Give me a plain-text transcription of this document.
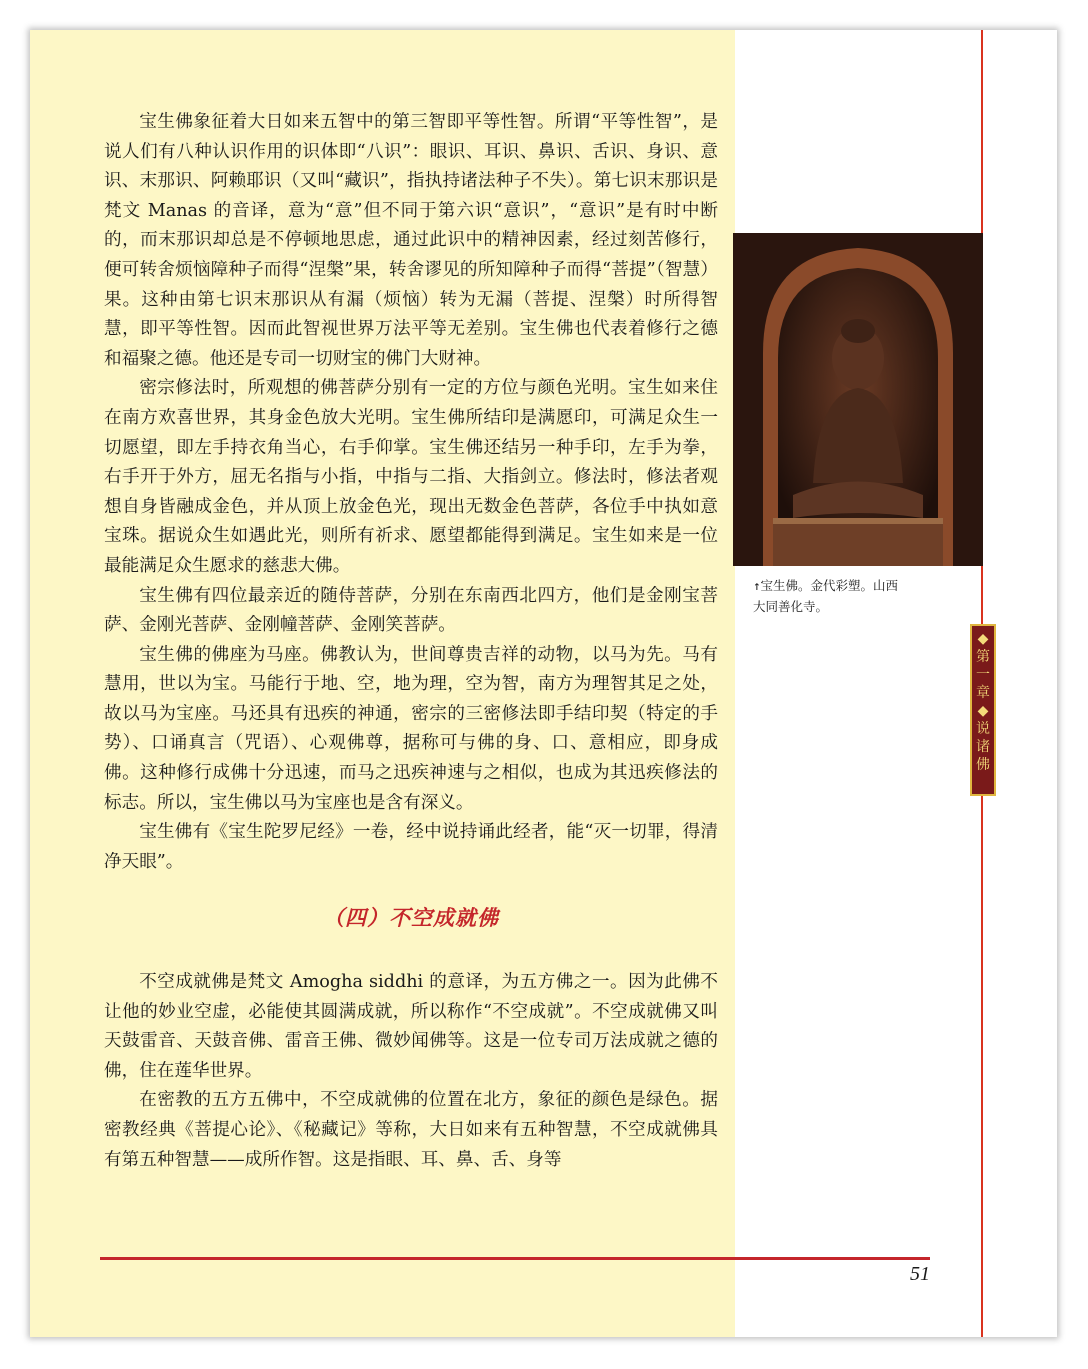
宝生佛象征着大日如来五智中的第三智即平等性智。所谓“平等性智”，是说人们有八种认识作用的识体即“八识”：眼识、耳识、鼻识、舌识、身识、意识、末那识、阿赖耶识（又叫“藏识”，指执持诸法种子不失）。第七识末那识是梵文 Manas 的音译，意为“意”但不同于第六识“意识”，“意识”是有时中断的，而末那识却总是不停顿地思虑，通过此识中的精神因素，经过刻苦修行，便可转舍烦恼障种子而得“涅槃”果，转舍谬见的所知障种子而得“菩提”（智慧）果。这种由第七识末那识从有漏（烦恼）转为无漏（菩提、涅槃）时所得智慧，即平等性智。因而此智视世界万法平等无差别。宝生佛也代表着修行之德和福聚之德。他还是专司一切财宝的佛门大财神。

密宗修法时，所观想的佛菩萨分别有一定的方位与颜色光明。宝生如来住在南方欢喜世界，其身金色放大光明。宝生佛所结印是满愿印，可满足众生一切愿望，即左手持衣角当心，右手仰掌。宝生佛还结另一种手印，左手为拳，右手开于外方，屈无名指与小指，中指与二指、大指剑立。修法时，修法者观想自身皆融成金色，并从顶上放金色光，现出无数金色菩萨，各位手中执如意宝珠。据说众生如遇此光，则所有祈求、愿望都能得到满足。宝生如来是一位最能满足众生愿求的慈悲大佛。

宝生佛有四位最亲近的随侍菩萨，分别在东南西北四方，他们是金刚宝菩萨、金刚光菩萨、金刚幢菩萨、金刚笑菩萨。

宝生佛的佛座为马座。佛教认为，世间尊贵吉祥的动物，以马为先。马有慧用，世以为宝。马能行于地、空，地为理，空为智，南方为理智其足之处，故以马为宝座。马还具有迅疾的神通，密宗的三密修法即手结印契（特定的手势）、口诵真言（咒语）、心观佛尊，据称可与佛的身、口、意相应，即身成佛。这种修行成佛十分迅速，而马之迅疾神速与之相似，也成为其迅疾修法的标志。所以，宝生佛以马为宝座也是含有深义。

宝生佛有《宝生陀罗尼经》一卷，经中说持诵此经者，能“灭一切罪，得清净天眼”。

（四）不空成就佛

不空成就佛是梵文 Amogha siddhi 的意译，为五方佛之一。因为此佛不让他的妙业空虚，必能使其圆满成就，所以称作“不空成就”。不空成就佛又叫天鼓雷音、天鼓音佛、雷音王佛、微妙闻佛等。这是一位专司万法成就之德的佛，住在莲华世界。

在密教的五方五佛中，不空成就佛的位置在北方，象征的颜色是绿色。据密教经典《菩提心论》、《秘藏记》等称，大日如来有五种智慧，不空成就佛具有第五种智慧——成所作智。这是指眼、耳、鼻、舌、身等

↑宝生佛。金代彩塑。山西
大同善化寺。
◆
第
一
章
◆
说
诸
佛
51
